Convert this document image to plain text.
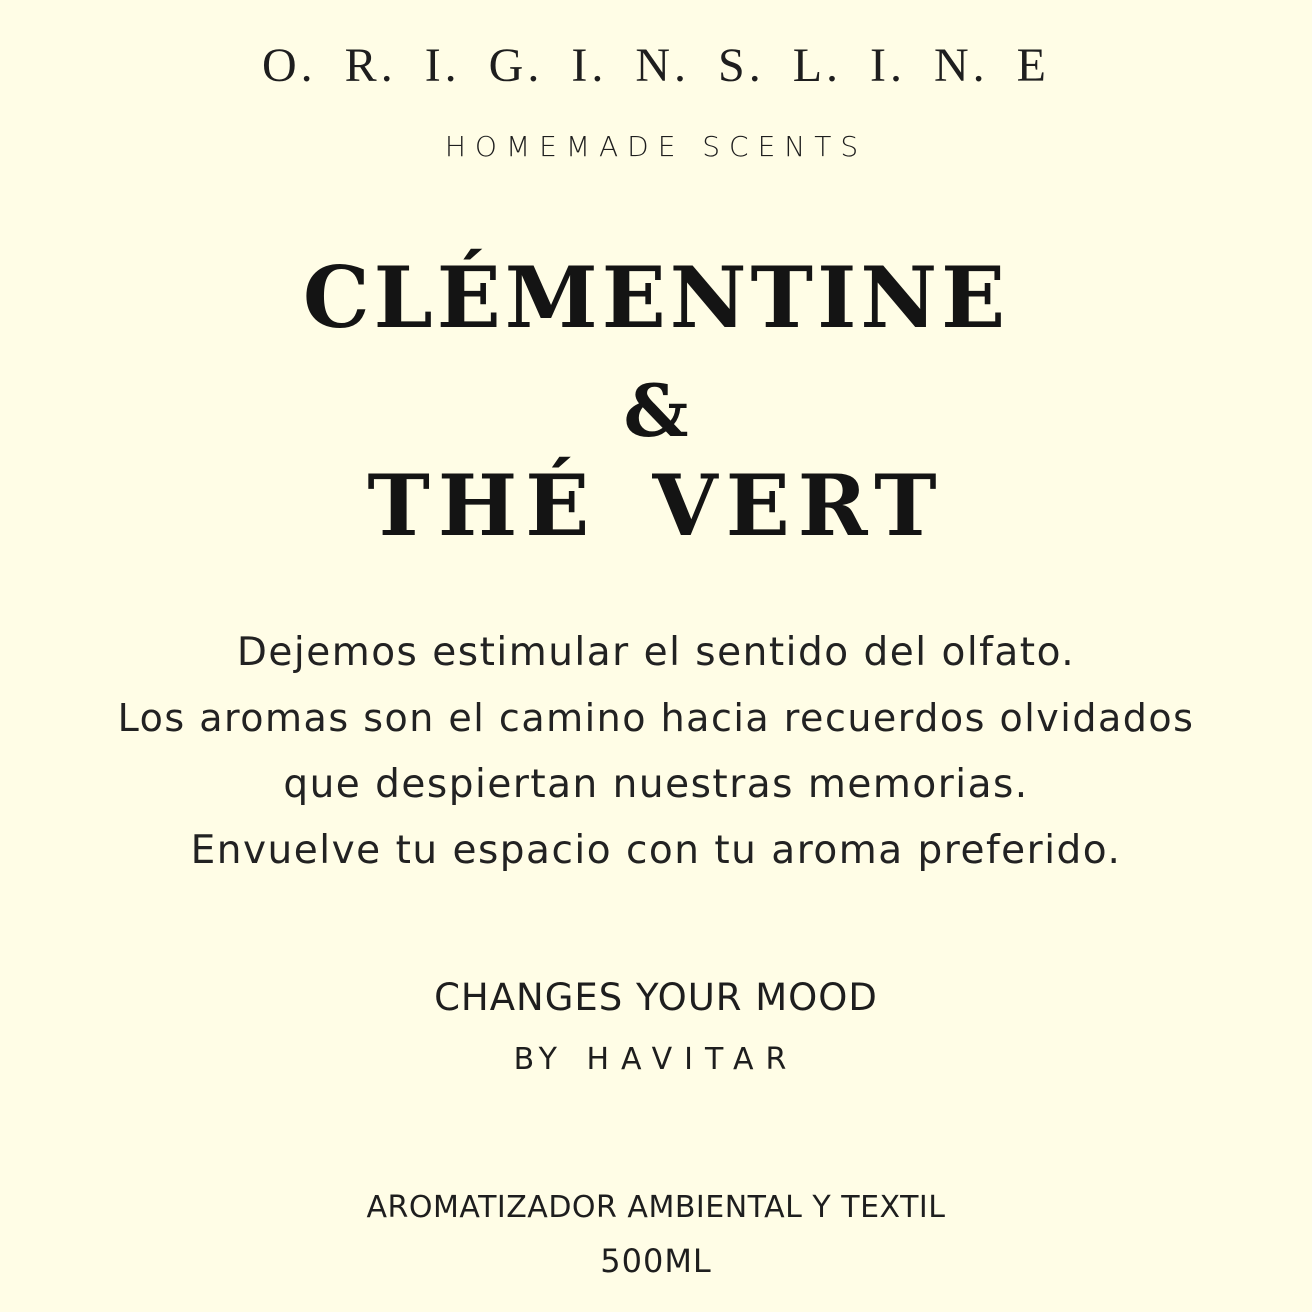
O. R. I. G. I. N. S. L. I. N. E
HOMEMADE SCENTS
CLÉMENTINE
&
THÉ VERT
Dejemos estimular el sentido del olfato.
Los aromas son el camino hacia recuerdos olvidados
que despiertan nuestras memorias.
Envuelve tu espacio con tu aroma preferido.
CHANGES YOUR MOOD
BY HAVITAR
AROMATIZADOR AMBIENTAL Y TEXTIL
500ML
